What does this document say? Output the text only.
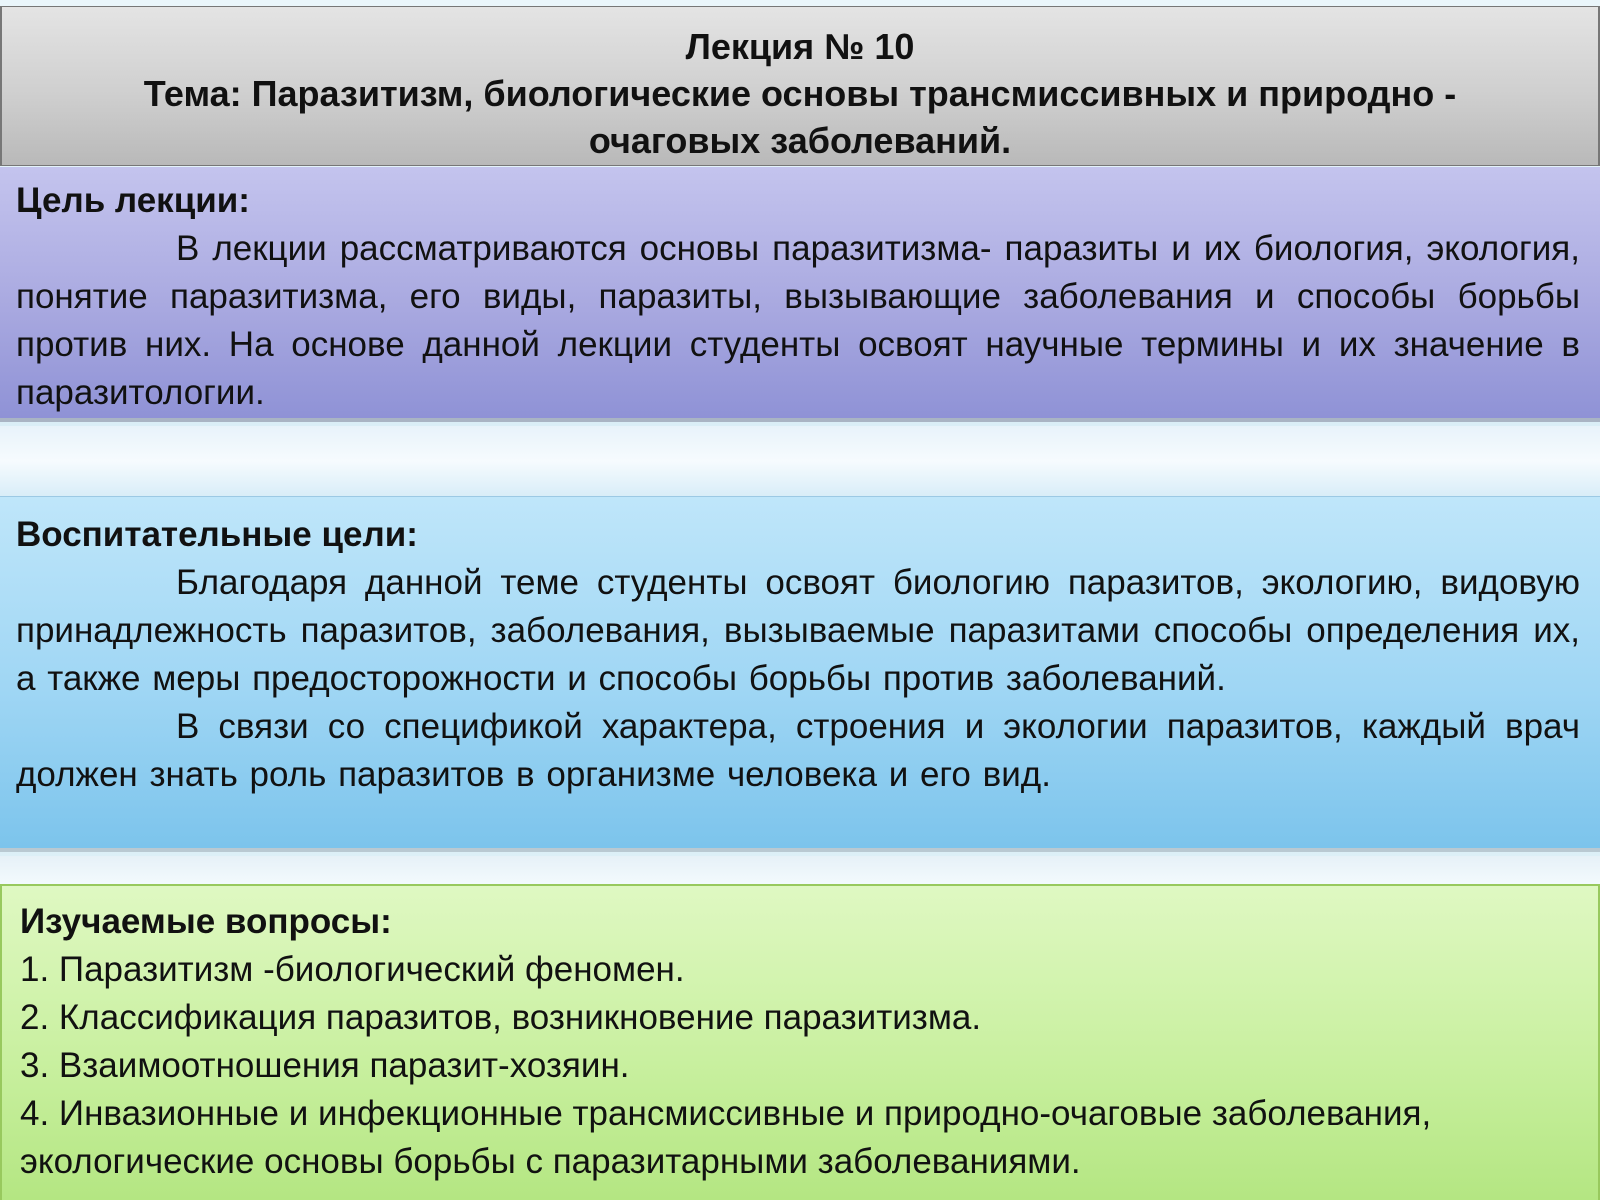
Лекция № 10
Тема: Паразитизм, биологические основы трансмиссивных и природно -
очаговых заболеваний.

Цель лекции:

В лекции рассматриваются основы паразитизма- паразиты и их биология, экология, понятие паразитизма, его виды, паразиты, вызывающие заболевания и способы борьбы против них. На основе данной лекции студенты освоят научные термины и их значение в паразитологии.

Воспитательные цели:

Благодаря данной теме студенты освоят биологию паразитов, экологию, видовую принадлежность паразитов, заболевания, вызываемые паразитами способы определения их, а также меры предосторожности и способы борьбы против заболеваний.

В связи со спецификой характера, строения и экологии паразитов, каждый врач должен знать роль паразитов в организме человека и его вид.

Изучаемые вопросы:

1. Паразитизм -биологический феномен.
2. Классификация паразитов, возникновение паразитизма.
3. Взаимоотношения паразит-хозяин.
4. Инвазионные и инфекционные трансмиссивные и природно-очаговые заболевания, экологические основы борьбы с паразитарными заболеваниями.
